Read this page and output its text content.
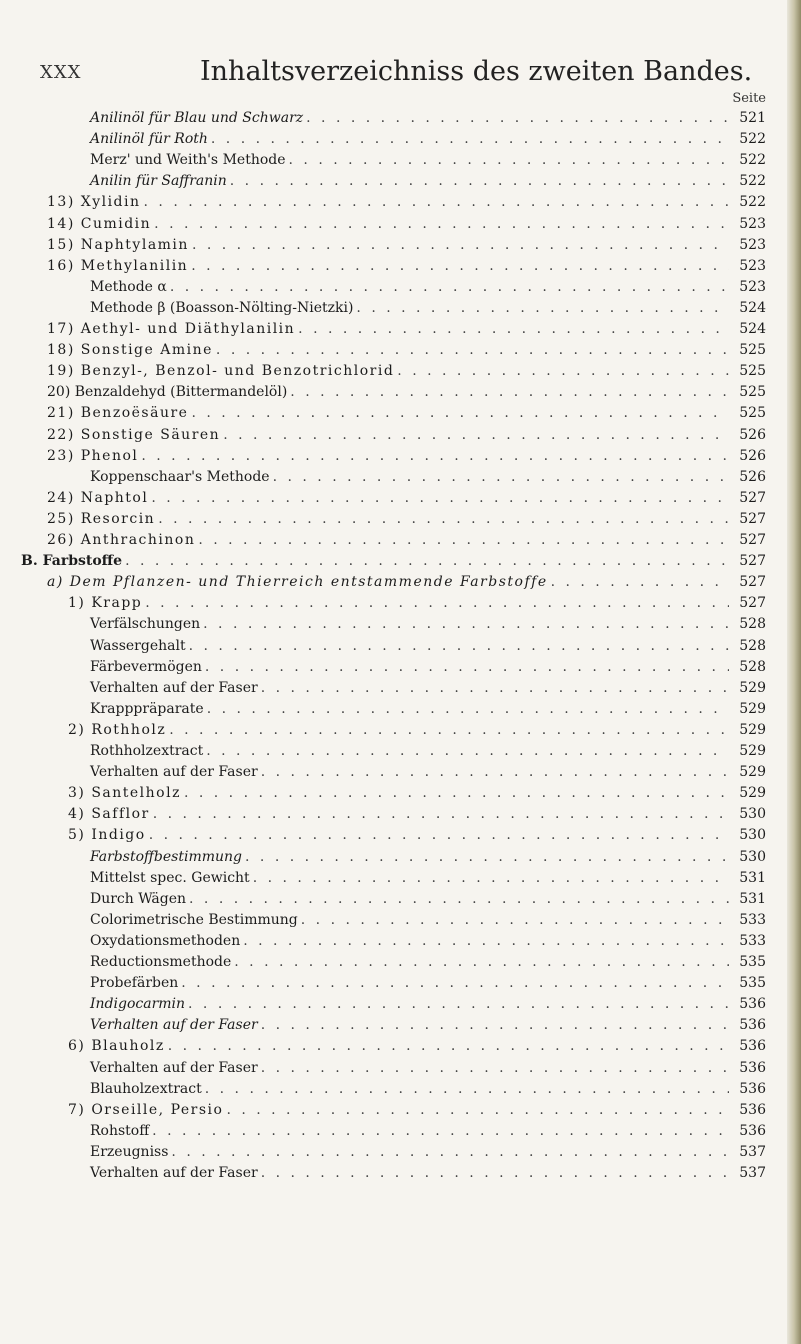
XXX	Inhaltsverzeichniss des zweiten Bandes.
Seite
Anilinöl für Blau und Schwarz . . .	521
Anilinöl für Roth . . .	522
Merz' und Weith's Methode . . .	522
Anilin für Saffranin . . .	522
13) Xylidin . . .	522
14) Cumidin . . .	523
15) Naphtylamin . . .	523
16) Methylanilin . . .	523
Methode α . . .	523
Methode β (Boasson-Nölting-Nietzki) . . .	524
17) Aethyl- und Diäthylanilin . . .	524
18) Sonstige Amine . . .	525
19) Benzyl-, Benzol- und Benzotrichlorid . . .	525
20) Benzaldehyd (Bittermandelöl) . . .	525
21) Benzoësäure . . .	525
22) Sonstige Säuren . . .	526
23) Phenol . . .	526
Koppenschaar's Methode . . .	526
24) Naphtol . . .	527
25) Resorcin . . .	527
26) Anthrachinon . . .	527
B. Farbstoffe . . .	527
a) Dem Pflanzen- und Thierreich entstammende Farbstoffe . . .	527
1) Krapp . . .	527
Verfälschungen . . .	528
Wassergehalt . . .	528
Färbevermögen . . .	528
Verhalten auf der Faser . . .	529
Krapppräparate . . .	529
2) Rothholz . . .	529
Rothholzextract . . .	529
Verhalten auf der Faser . . .	529
3) Santelholz . . .	529
4) Safflor . . .	530
5) Indigo . . .	530
Farbstoffbestimmung . . .	530
Mittelst spec. Gewicht . . .	531
Durch Wägen . . .	531
Colorimetrische Bestimmung . . .	533
Oxydationsmethoden . . .	533
Reductionsmethode . . .	535
Probefärben . . .	535
Indigocarmin . . .	536
Verhalten auf der Faser . . .	536
6) Blauholz . . .	536
Verhalten auf der Faser . . .	536
Blauholzextract . . .	536
7) Orseille, Persio . . .	536
Rohstoff . . .	536
Erzeugniss . . .	537
Verhalten auf der Faser . . .	537
